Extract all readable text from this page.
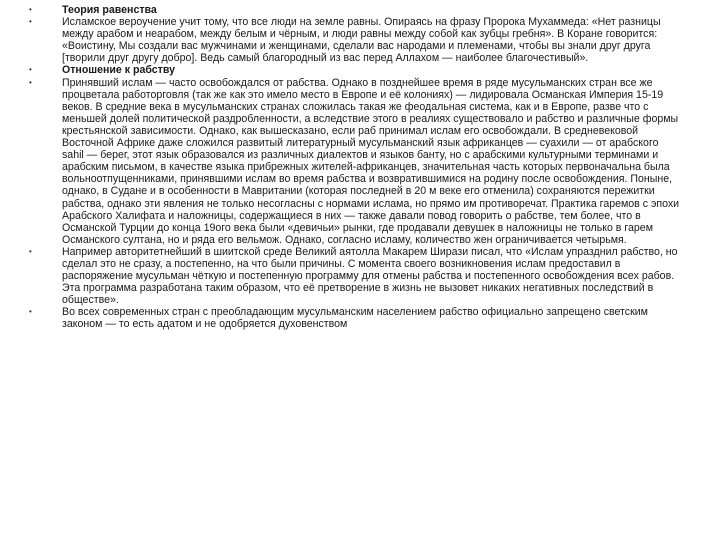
•	Теория равенства
•	Исламское вероучение учит тому, что все люди на земле равны. Опираясь на фразу Пророка Мухаммеда: «Нет разницы между арабом и неарабом, между белым и чёрным, и люди равны между собой как зубцы гребня». В Коране говорится: «Воистину, Мы создали вас мужчинами и женщинами, сделали вас народами и племенами, чтобы вы знали друг друга [творили друг другу добро]. Ведь самый благородный из вас перед Аллахом — наиболее благочестивый».
•	Отношение к рабству
•	Принявший ислам — часто освобождался от рабства. Однако в позднейшее время в ряде мусульманских стран все же процветала работорговля (так же как это имело место в Европе и её колониях) — лидировала Османская Империя 15-19 веков. В средние века в мусульманских странах сложилась такая же феодальная система, как и в Европе, разве что с меньшей долей политической раздробленности, а вследствие этого в реалиях существовало и рабство и различные формы крестьянской зависимости. Однако, как вышесказано, если раб принимал ислам его освобождали. В средневековой Восточной Африке даже сложился развитый литературный мусульманский язык африканцев — суахили — от арабского sahil — берег, этот язык образовался из различных диалектов и языков банту, но с арабскими культурными терминами и арабским письмом, в качестве языка прибрежных жителей-африканцев, значительная часть которых первоначальна была вольноотпущенниками, принявшими ислам во время рабства и возвратившимися на родину после освобождения. Поныне, однако, в Судане и в особенности в Мавритании (которая последней в 20 м веке его отменила) сохраняются пережитки рабства, однако эти явления не только несогласны с нормами ислама, но прямо им противоречат. Практика гаремов с эпохи Арабского Халифата и наложницы, содержащиеся в них — также давали повод говорить о рабстве, тем более, что в Османской Турции до конца 19ого века были «девичьи» рынки, где продавали девушек в наложницы не только в гарем Османского султана, но и ряда его вельмож. Однако, согласно исламу, количество жен ограничивается четырьмя.
•	Например авторитетнейший в шиитской среде Великий аятолла Макарем Ширази писал, что «Ислам упразднил рабство, но сделал это не сразу, а постепенно, на что были причины. С момента своего возникновения ислам предоставил в распоряжение мусульман чёткую и постепенную программу для отмены рабства и постепенного освобождения всех рабов. Эта программа разработана таким образом, что её претворение в жизнь не вызовет никаких негативных последствий в обществе».
•	Во всех современных стран с преобладающим мусульманским населением рабство официально запрещено светским законом — то есть адатом и не одобряется духовенством
